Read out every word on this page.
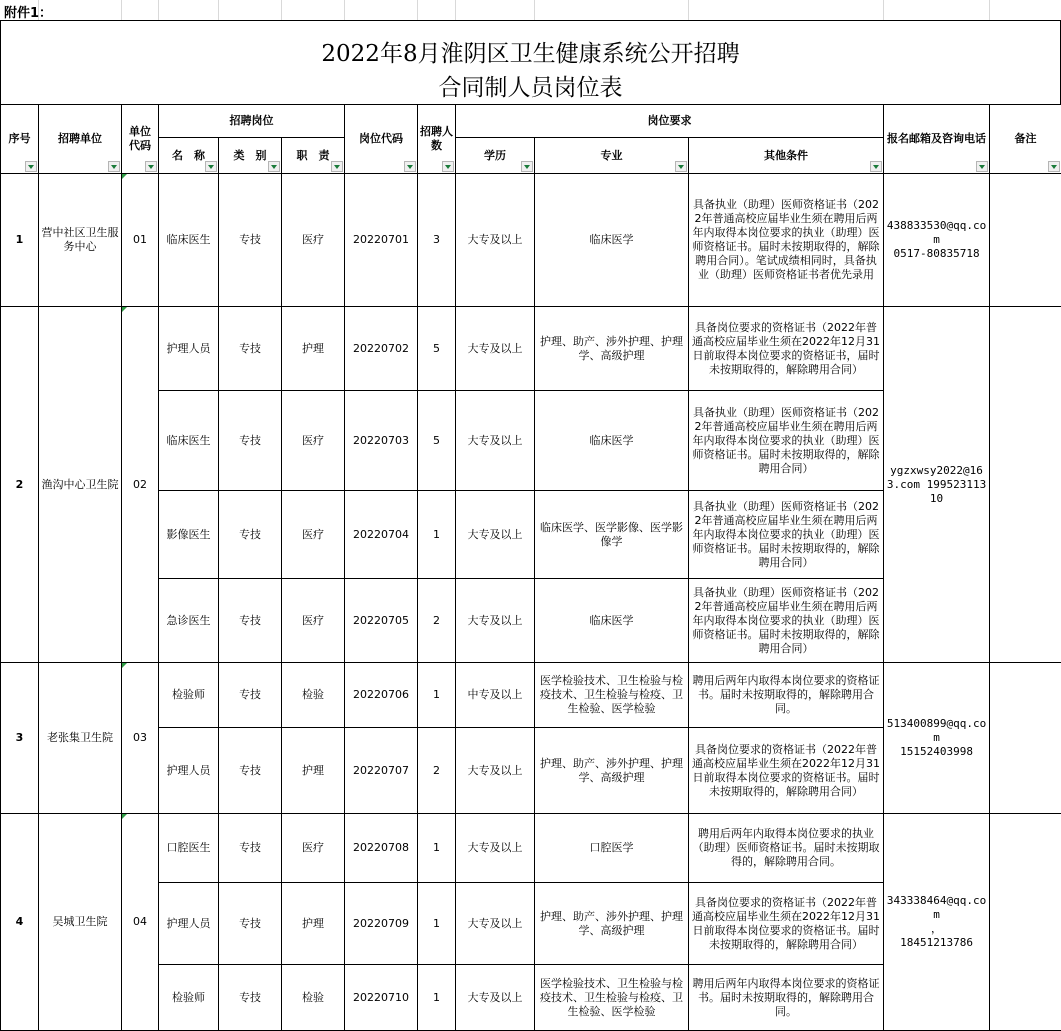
附件1：
2022年8月淮阴区卫生健康系统公开招聘
合同制人员岗位表
序号	招聘单位	单位代码	招聘岗位			岗位代码	招聘人数	岗位要求			报名邮箱及咨询电话	备注

			名　称	类　别	职　责			学历	专业	其他条件		

1	营中社区卫生服务中心	01	临床医生	专技	医疗	20220701	3	大专及以上	临床医学	具备执业（助理）医师资格证书（2022年普通高校应届毕业生须在聘用后两年内取得本岗位要求的执业（助理）医师资格证书。届时未按期取得的，解除聘用合同）。笔试成绩相同时，具备执业（助理）医师资格证书者优先录用	438833530@qq.com
0517-80835718	
2	渔沟中心卫生院	02	护理人员	专技	护理	20220702	5	大专及以上	护理、助产、涉外护理、护理学、高级护理	具备岗位要求的资格证书（2022年普通高校应届毕业生须在2022年12月31日前取得本岗位要求的资格证书，届时未按期取得的，解除聘用合同）	ygzxwsy2022@163.com 19952311310	
			临床医生	专技	医疗	20220703	5	大专及以上	临床医学	具备执业（助理）医师资格证书（2022年普通高校应届毕业生须在聘用后两年内取得本岗位要求的执业（助理）医师资格证书。届时未按期取得的，解除聘用合同）		
			影像医生	专技	医疗	20220704	1	大专及以上	临床医学、医学影像、医学影像学	具备执业（助理）医师资格证书（2022年普通高校应届毕业生须在聘用后两年内取得本岗位要求的执业（助理）医师资格证书。届时未按期取得的，解除聘用合同）		
			急诊医生	专技	医疗	20220705	2	大专及以上	临床医学	具备执业（助理）医师资格证书（2022年普通高校应届毕业生须在聘用后两年内取得本岗位要求的执业（助理）医师资格证书。届时未按期取得的，解除聘用合同）		
3	老张集卫生院	03	检验师	专技	检验	20220706	1	中专及以上	医学检验技术、卫生检验与检疫技术、卫生检验与检疫、卫生检验、医学检验	聘用后两年内取得本岗位要求的资格证书。届时未按期取得的，解除聘用合同。	513400899@qq.com
15152403998	
			护理人员	专技	护理	20220707	2	大专及以上	护理、助产、涉外护理、护理学、高级护理	具备岗位要求的资格证书（2022年普通高校应届毕业生须在2022年12月31日前取得本岗位要求的资格证书。届时未按期取得的，解除聘用合同）		
4	吴城卫生院	04	口腔医生	专技	医疗	20220708	1	大专及以上	口腔医学	聘用后两年内取得本岗位要求的执业（助理）医师资格证书。届时未按期取得的，解除聘用合同。	343338464@qq.com
，
18451213786	
			护理人员	专技	护理	20220709	1	大专及以上	护理、助产、涉外护理、护理学、高级护理	具备岗位要求的资格证书（2022年普通高校应届毕业生须在2022年12月31日前取得本岗位要求的资格证书。届时未按期取得的，解除聘用合同）		
			检验师	专技	检验	20220710	1	大专及以上	医学检验技术、卫生检验与检疫技术、卫生检验与检疫、卫生检验、医学检验	聘用后两年内取得本岗位要求的资格证书。届时未按期取得的，解除聘用合同。		
